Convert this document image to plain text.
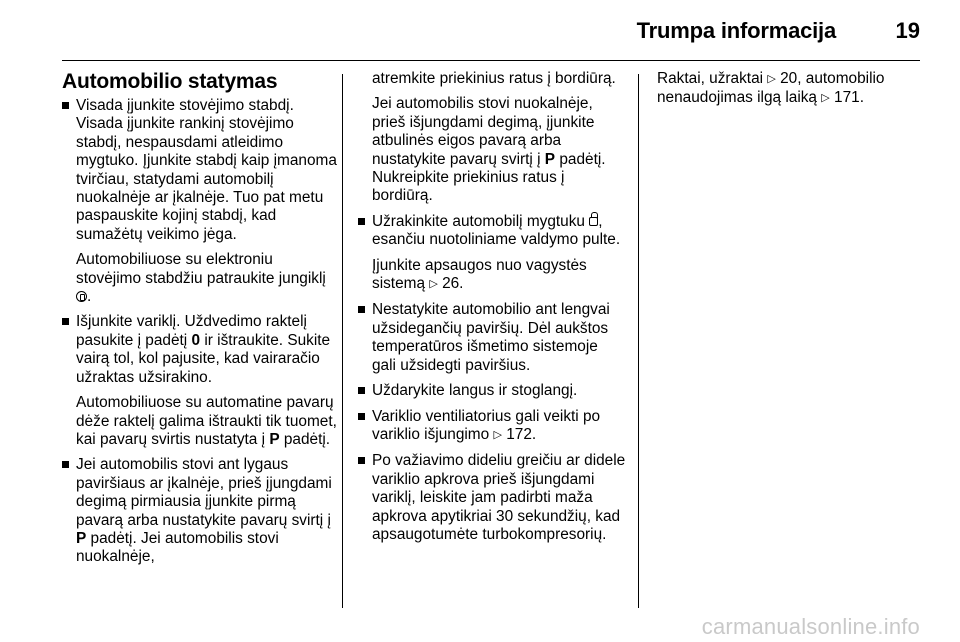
Trumpa informacija	19
Automobilio statymas
Visada įjunkite stovėjimo stabdį. Visada įjunkite rankinį stovėjimo stabdį, nespausdami atleidimo mygtuko. Įjunkite stabdį kaip įmanoma tvirčiau, statydami automobilį nuokalnėje ar įkalnėje. Tuo pat metu paspauskite kojinį stabdį, kad sumažėtų veikimo jėga.
Automobiliuose su elektroniu stovėjimo stabdžiu patraukite jungiklį .
Išjunkite variklį. Uždvedimo raktelį pasukite į padėtį 0 ir ištraukite. Sukite vairą tol, kol pajusite, kad vairaračio užraktas užsirakino.
Automobiliuose su automatine pavarų dėže raktelį galima ištraukti tik tuomet, kai pavarų svirtis nustatyta į P padėtį.
Jei automobilis stovi ant lygaus paviršiaus ar įkalnėje, prieš įjungdami degimą pirmiausia įjunkite pirmą pavarą arba nustatykite pavarų svirtį į P padėtį. Jei automobilis stovi nuokalnėje,
atremkite priekinius ratus į bordiūrą.
Jei automobilis stovi nuokalnėje, prieš išjungdami degimą, įjunkite atbulinės eigos pavarą arba nustatykite pavarų svirtį į P padėtį. Nukreipkite priekinius ratus į bordiūrą.
Užrakinkite automobilį mygtuku , esančiu nuotoliniame valdymo pulte.
Įjunkite apsaugos nuo vagystės sistemą ▷ 26.
Nestatykite automobilio ant lengvai užsidegančių paviršių. Dėl aukštos temperatūros išmetimo sistemoje gali užsidegti paviršius.
Uždarykite langus ir stoglangį.
Variklio ventiliatorius gali veikti po variklio išjungimo ▷ 172.
Po važiavimo dideliu greičiu ar didele variklio apkrova prieš išjungdami variklį, leiskite jam padirbti maža apkrova apytikriai 30 sekundžių, kad apsaugotumėte turbokompresorių.
Raktai, užraktai ▷ 20, automobilio nenaudojimas ilgą laiką ▷ 171.
carmanualsonline.info
